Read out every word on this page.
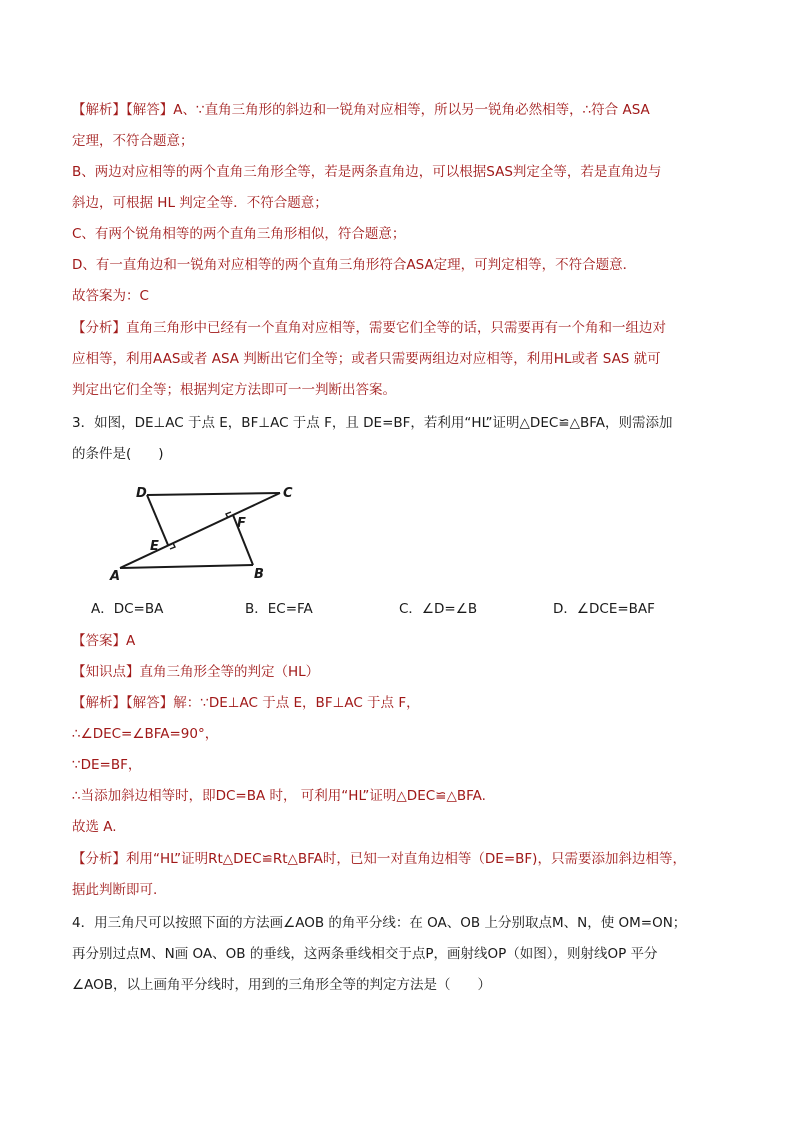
【解析】【解答】A、∵直角三角形的斜边和一锐角对应相等，所以另一锐角必然相等，∴符合 ASA
定理，不符合题意；
B、两边对应相等的两个直角三角形全等，若是两条直角边，可以根据SAS判定全等，若是直角边与
斜边，可根据 HL 判定全等．不符合题意；
C、有两个锐角相等的两个直角三角形相似，符合题意；
D、有一直角边和一锐角对应相等的两个直角三角形符合ASA定理，可判定相等，不符合题意．
故答案为：C
【分析】直角三角形中已经有一个直角对应相等，需要它们全等的话，只需要再有一个角和一组边对
应相等，利用AAS或者 ASA 判断出它们全等；或者只需要两组边对应相等，利用HL或者 SAS 就可
判定出它们全等；根据判定方法即可一一判断出答案。
3．如图，DE⊥AC 于点 E，BF⊥AC 于点 F，且 DE=BF，若利用“HL”证明△DEC≌△BFA，则需添加
的条件是(　　)
D	C
E
F
A	B
A．DC=BA	B．EC=FA	C．∠D=∠B	D．∠DCE=BAF
【答案】A
【知识点】直角三角形全等的判定（HL）
【解析】【解答】解：∵DE⊥AC 于点 E，BF⊥AC 于点 F，
∴∠DEC=∠BFA=90°，
∵DE=BF，
∴当添加斜边相等时，即DC=BA 时， 可利用“HL”证明△DEC≌△BFA.
故选 A.
【分析】利用“HL”证明Rt△DEC≌Rt△BFA时，已知一对直角边相等（DE=BF)，只需要添加斜边相等，
据此判断即可.
4．用三角尺可以按照下面的方法画∠AOB 的角平分线：在 OA、OB 上分别取点M、N，使 OM=ON；
再分别过点M、N画 OA、OB 的垂线，这两条垂线相交于点P，画射线OP（如图），则射线OP 平分
∠AOB，以上画角平分线时，用到的三角形全等的判定方法是（　　）
